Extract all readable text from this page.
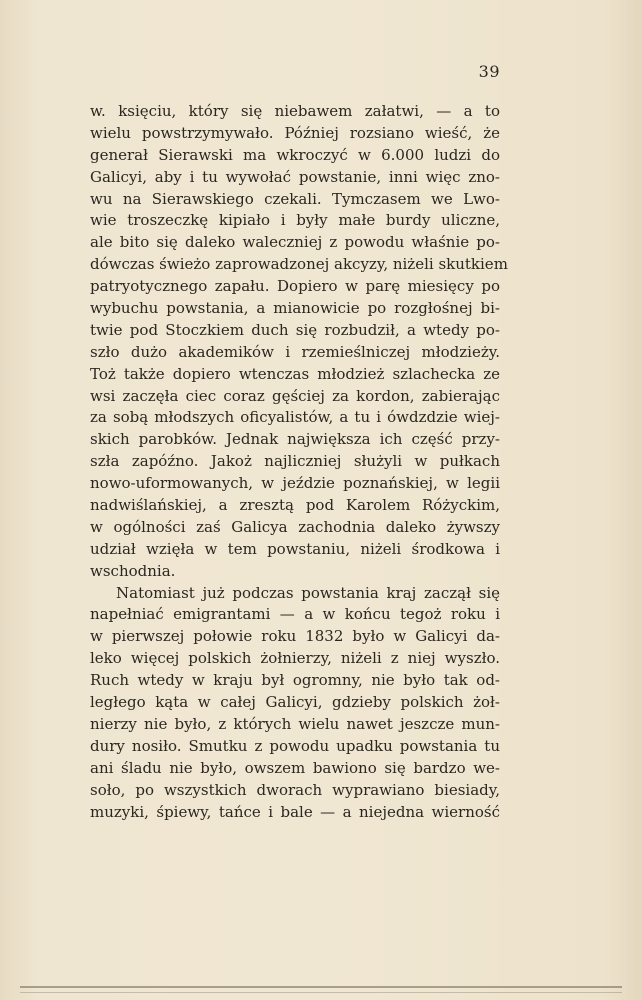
39
w. księciu, który się niebawem załatwi, — a to
wielu powstrzymywało. Później rozsiano wieść, że
generał Sierawski ma wkroczyć w 6.000 ludzi do
Galicyi, aby i tu wywołać powstanie, inni więc zno-
wu na Sierawskiego czekali. Tymczasem we Lwo-
wie troszeczkę kipiało i były małe burdy uliczne,
ale bito się daleko waleczniej z powodu właśnie po-
dówczas świeżo zaprowadzonej akcyzy, niżeli skutkiem
patryotycznego zapału. Dopiero w parę miesięcy po
wybuchu powstania, a mianowicie po rozgłośnej bi-
twie pod Stoczkiem duch się rozbudził, a wtedy po-
szło dużo akademików i rzemieślniczej młodzieży.
Toż także dopiero wtenczas młodzież szlachecka ze
wsi zaczęła ciec coraz gęściej za kordon, zabierając
za sobą młodszych oficyalistów, a tu i ówdzdzie wiej-
skich parobków. Jednak największa ich część przy-
szła zapóźno. Jakoż najliczniej służyli w pułkach
nowo-uformowanych, w jeździe poznańskiej, w legii
nadwiślańskiej, a zresztą pod Karolem Różyckim,
w ogólności zaś Galicya zachodnia daleko żywszy
udział wzięła w tem powstaniu, niżeli środkowa i
wschodnia.
Natomiast już podczas powstania kraj zaczął się
napełniać emigrantami — a w końcu tegoż roku i
w pierwszej połowie roku 1832 było w Galicyi da-
leko więcej polskich żołnierzy, niżeli z niej wyszło.
Ruch wtedy w kraju był ogromny, nie było tak od-
ległego kąta w całej Galicyi, gdzieby polskich żoł-
nierzy nie było, z których wielu nawet jeszcze mun-
dury nosiło. Smutku z powodu upadku powstania tu
ani śladu nie było, owszem bawiono się bardzo we-
soło, po wszystkich dworach wyprawiano biesiady,
muzyki, śpiewy, tańce i bale — a niejedna wierność
